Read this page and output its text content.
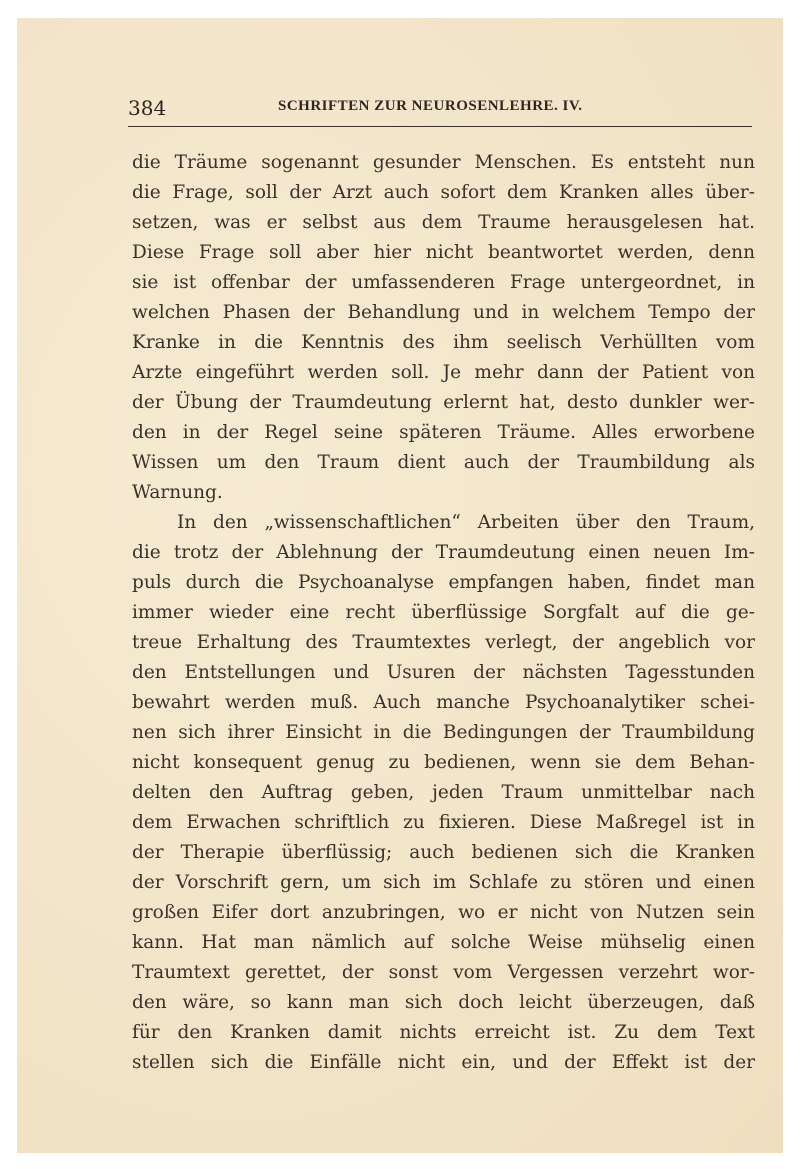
384	SCHRIFTEN ZUR NEUROSENLEHRE. IV.
die Träume sogenannt gesunder Menschen. Es entsteht nun
die Frage, soll der Arzt auch sofort dem Kranken alles über-
setzen, was er selbst aus dem Traume herausgelesen hat.
Diese Frage soll aber hier nicht beantwortet werden, denn
sie ist offenbar der umfassenderen Frage untergeordnet, in
welchen Phasen der Behandlung und in welchem Tempo der
Kranke in die Kenntnis des ihm seelisch Verhüllten vom
Arzte eingeführt werden soll. Je mehr dann der Patient von
der Übung der Traumdeutung erlernt hat, desto dunkler wer-
den in der Regel seine späteren Träume. Alles erworbene
Wissen um den Traum dient auch der Traumbildung als
Warnung.
In den „wissenschaftlichen“ Arbeiten über den Traum,
die trotz der Ablehnung der Traumdeutung einen neuen Im-
puls durch die Psychoanalyse empfangen haben, findet man
immer wieder eine recht überflüssige Sorgfalt auf die ge-
treue Erhaltung des Traumtextes verlegt, der angeblich vor
den Entstellungen und Usuren der nächsten Tagesstunden
bewahrt werden muß. Auch manche Psychoanalytiker schei-
nen sich ihrer Einsicht in die Bedingungen der Traumbildung
nicht konsequent genug zu bedienen, wenn sie dem Behan-
delten den Auftrag geben, jeden Traum unmittelbar nach
dem Erwachen schriftlich zu fixieren. Diese Maßregel ist in
der Therapie überflüssig; auch bedienen sich die Kranken
der Vorschrift gern, um sich im Schlafe zu stören und einen
großen Eifer dort anzubringen, wo er nicht von Nutzen sein
kann. Hat man nämlich auf solche Weise mühselig einen
Traumtext gerettet, der sonst vom Vergessen verzehrt wor-
den wäre, so kann man sich doch leicht überzeugen, daß
für den Kranken damit nichts erreicht ist. Zu dem Text
stellen sich die Einfälle nicht ein, und der Effekt ist der
